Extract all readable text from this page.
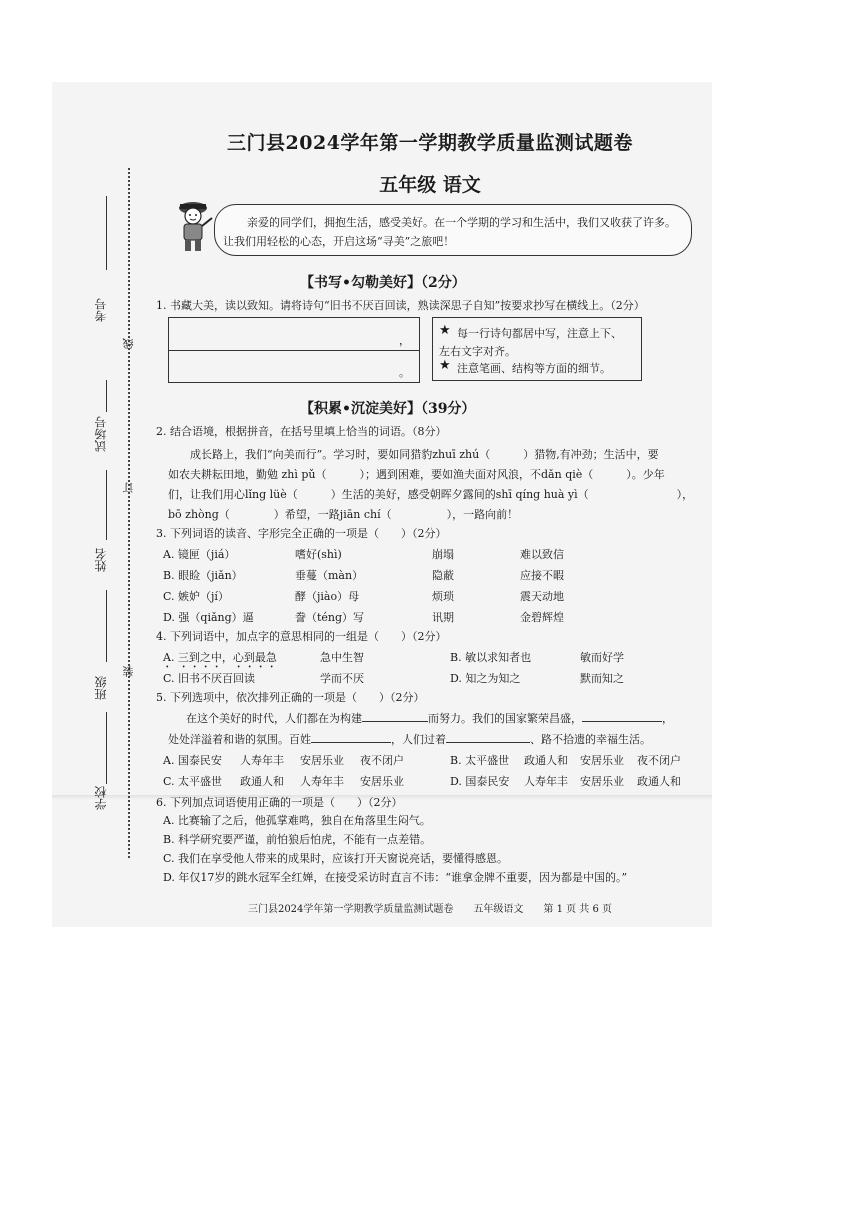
考号
线
试场号
订
姓名
班级
装
学校
三门县2024学年第一学期教学质量监测试题卷
五年级 语文
亲爱的同学们，拥抱生活，感受美好。在一个学期的学习和生活中，我们又收获了许多。
让我们用轻松的心态，开启这场“寻美”之旅吧！
【书写•勾勒美好】（2分）
1. 书藏大美，读以致知。请将诗句“旧书不厌百回读，熟读深思子自知”按要求抄写在横线上。（2分）
，
。
★ 每一行诗句都居中写，注意上下、
左右文字对齐。
★ 注意笔画、结构等方面的细节。
【积累•沉淀美好】（39分）
2. 结合语境，根据拼音，在括号里填上恰当的词语。（8分）
成长路上，我们“向美而行”。学习时，要如同猎豹zhuī zhú（　　　）猎物,有冲劲；生活中，要
如农夫耕耘田地，勤勉 zhì pǔ（　　　）；遇到困难，要如渔夫面对风浪，不dǎn qiè（　　　）。少年
们，让我们用心lǐng lüè（　　　）生活的美好，感受朝晖夕露间的shī qíng huà yì（　　　　　　　　），
bō zhòng（　　　　）希望，一路jiān chí（　　　　　），一路向前！
3. 下列词语的读音、字形完全正确的一项是（　　）（2分）
A. 镜匣（jiá）	嗜好(shì)	崩塌	难以致信
B. 眼睑（jiǎn）	垂蔓（màn）	隐蔽	应接不暇
C. 嫉妒（jí）	酵（jiào）母	烦琐	震天动地
D. 强（qiǎng）逼	誊（téng）写	讯期	金碧辉煌
4. 下列词语中，加点字的意思相同的一组是（　　）（2分）
A. 三到之中，心到最急	急中生智	B. 敏以求知者也	敏而好学
C. 旧书不厌百回读	学而不厌	D. 知之为知之	默而知之
5. 下列选项中，依次排列正确的一项是（　　）（2分）
在这个美好的时代，人们都在为构建	而努力。我们的国家繁荣昌盛，	，
处处洋溢着和谐的氛围。百姓	，人们过着	、路不拾遗的幸福生活。
A. 国泰民安 人寿年丰 安居乐业 夜不闭户	B. 太平盛世 政通人和 安居乐业 夜不闭户
C. 太平盛世 政通人和 人寿年丰 安居乐业	D. 国泰民安 人寿年丰 安居乐业 政通人和
6. 下列加点词语使用正确的一项是（　　）（2分）
A. 比赛输了之后，他孤掌难鸣，独自在角落里生闷气。
B. 科学研究要严谨，前怕狼后怕虎，不能有一点差错。
C. 我们在享受他人带来的成果时，应该打开天窗说亮话，要懂得感恩。
D. 年仅17岁的跳水冠军全红婵，在接受采访时直言不讳：“谁拿金牌不重要，因为都是中国的。”
三门县2024学年第一学期教学质量监测试题卷　　五年级语文　　第 1 页 共 6 页
